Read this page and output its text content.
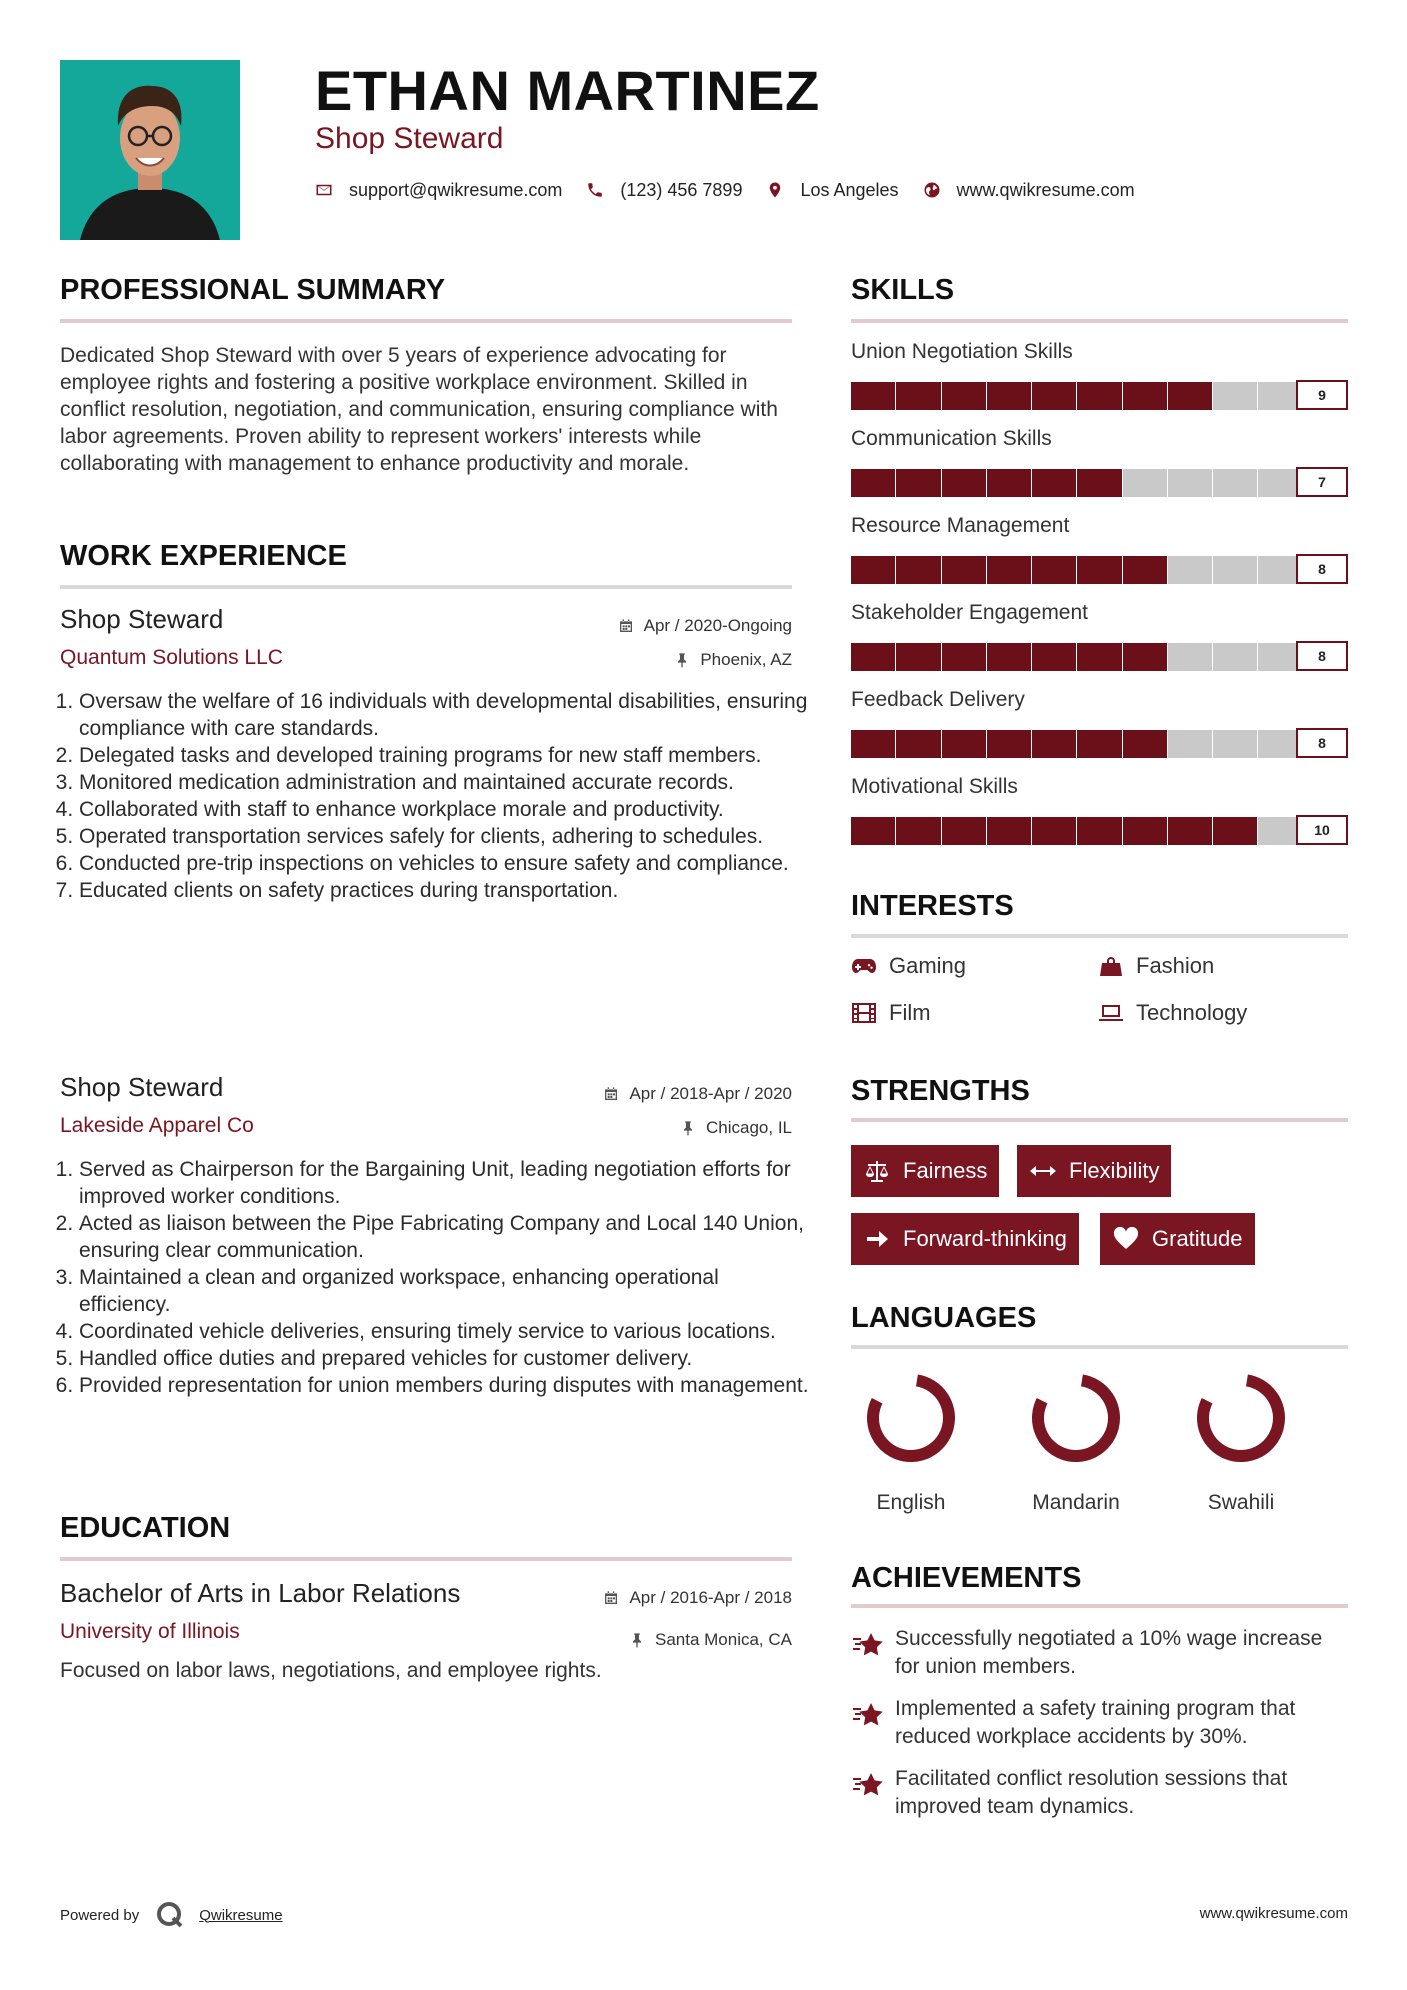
ETHAN MARTINEZ
Shop Steward
support@qwikresume.com	(123) 456 7899	Los Angeles	www.qwikresume.com
PROFESSIONAL SUMMARY
Dedicated Shop Steward with over 5 years of experience advocating for employee rights and fostering a positive workplace environment. Skilled in conflict resolution, negotiation, and communication, ensuring compliance with labor agreements. Proven ability to represent workers' interests while collaborating with management to enhance productivity and morale.
WORK EXPERIENCE
Shop Steward
Quantum Solutions LLC
Apr / 2020-Ongoing
Phoenix, AZ
1. Oversaw the welfare of 16 individuals with developmental disabilities, ensuring compliance with care standards.
2. Delegated tasks and developed training programs for new staff members.
3. Monitored medication administration and maintained accurate records.
4. Collaborated with staff to enhance workplace morale and productivity.
5. Operated transportation services safely for clients, adhering to schedules.
6. Conducted pre-trip inspections on vehicles to ensure safety and compliance.
7. Educated clients on safety practices during transportation.
Shop Steward
Lakeside Apparel Co
Apr / 2018-Apr / 2020
Chicago, IL
1. Served as Chairperson for the Bargaining Unit, leading negotiation efforts for improved worker conditions.
2. Acted as liaison between the Pipe Fabricating Company and Local 140 Union, ensuring clear communication.
3. Maintained a clean and organized workspace, enhancing operational efficiency.
4. Coordinated vehicle deliveries, ensuring timely service to various locations.
5. Handled office duties and prepared vehicles for customer delivery.
6. Provided representation for union members during disputes with management.
EDUCATION
Bachelor of Arts in Labor Relations
University of Illinois
Apr / 2016-Apr / 2018
Santa Monica, CA
Focused on labor laws, negotiations, and employee rights.
SKILLS
Union Negotiation Skills
9
Communication Skills
7
Resource Management
8
Stakeholder Engagement
8
Feedback Delivery
8
Motivational Skills
10
INTERESTS
Gaming	Fashion
Film	Technology
STRENGTHS
Fairness	Flexibility
Forward-thinking	Gratitude
LANGUAGES
English	Mandarin	Swahili
ACHIEVEMENTS
Successfully negotiated a 10% wage increase for union members.
Implemented a safety training program that reduced workplace accidents by 30%.
Facilitated conflict resolution sessions that improved team dynamics.
Powered by	Qwikresume	www.qwikresume.com
